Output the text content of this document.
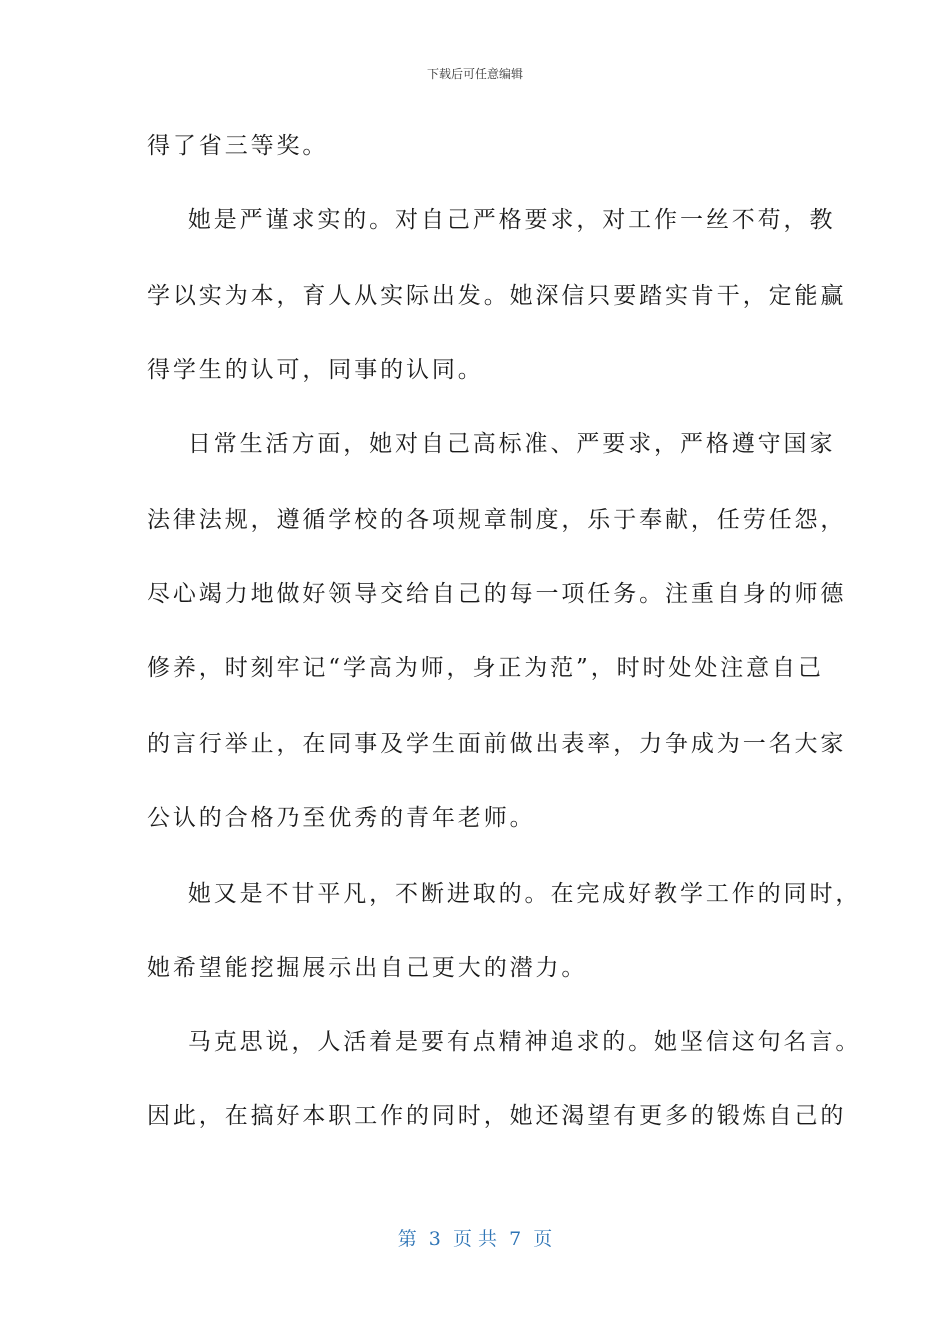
下载后可任意编辑
得了省三等奖。
她是严谨求实的。对自己严格要求，对工作一丝不苟，教
学以实为本，育人从实际出发。她深信只要踏实肯干，定能赢
得学生的认可，同事的认同。
日常生活方面，她对自己高标准、严要求，严格遵守国家
法律法规，遵循学校的各项规章制度，乐于奉献，任劳任怨，
尽心竭力地做好领导交给自己的每一项任务。注重自身的师德
修养，时刻牢记“学高为师，身正为范”，时时处处注意自己
的言行举止，在同事及学生面前做出表率，力争成为一名大家
公认的合格乃至优秀的青年老师。
她又是不甘平凡，不断进取的。在完成好教学工作的同时，
她希望能挖掘展示出自己更大的潜力。
马克思说，人活着是要有点精神追求的。她坚信这句名言。
因此，在搞好本职工作的同时，她还渴望有更多的锻炼自己的
第  3  页 共  7  页
